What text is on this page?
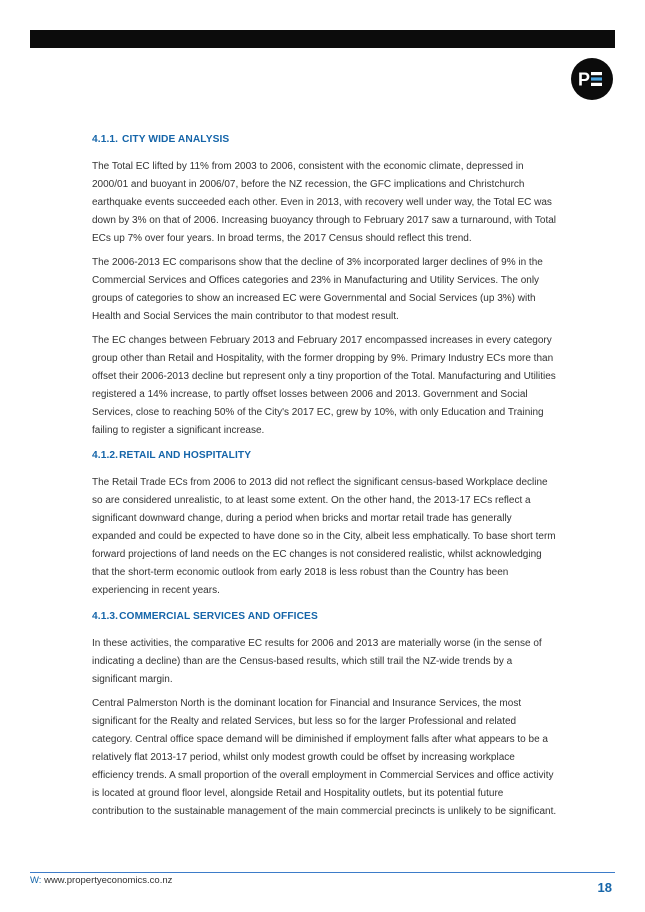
P
4.1.1. CITY WIDE ANALYSIS

The Total EC lifted by 11% from 2003 to 2006, consistent with the economic climate, depressed in 2000/01 and buoyant in 2006/07, before the NZ recession, the GFC implications and Christchurch earthquake events succeeded each other. Even in 2013, with recovery well under way, the Total EC was down by 3% on that of 2006. Increasing buoyancy through to February 2017 saw a turnaround, with Total ECs up 7% over four years. In broad terms, the 2017 Census should reflect this trend.

The 2006-2013 EC comparisons show that the decline of 3% incorporated larger declines of 9% in the Commercial Services and Offices categories and 23% in Manufacturing and Utility Services. The only groups of categories to show an increased EC were Governmental and Social Services (up 3%) with Health and Social Services the main contributor to that modest result.

The EC changes between February 2013 and February 2017 encompassed increases in every category group other than Retail and Hospitality, with the former dropping by 9%. Primary Industry ECs more than offset their 2006-2013 decline but represent only a tiny proportion of the Total. Manufacturing and Utilities registered a 14% increase, to partly offset losses between 2006 and 2013. Government and Social Services, close to reaching 50% of the City's 2017 EC, grew by 10%, with only Education and Training failing to register a significant increase.

4.1.2.RETAIL AND HOSPITALITY

The Retail Trade ECs from 2006 to 2013 did not reflect the significant census-based Workplace decline so are considered unrealistic, to at least some extent. On the other hand, the 2013-17 ECs reflect a significant downward change, during a period when bricks and mortar retail trade has generally expanded and could be expected to have done so in the City, albeit less emphatically. To base short term forward projections of land needs on the EC changes is not considered realistic, whilst acknowledging that the short-term economic outlook from early 2018 is less robust than the Country has been experiencing in recent years.

4.1.3.COMMERCIAL SERVICES AND OFFICES

In these activities, the comparative EC results for 2006 and 2013 are materially worse (in the sense of indicating a decline) than are the Census-based results, which still trail the NZ-wide trends by a significant margin.

Central Palmerston North is the dominant location for Financial and Insurance Services, the most significant for the Realty and related Services, but less so for the larger Professional and related category. Central office space demand will be diminished if employment falls after what appears to be a relatively flat 2013-17 period, whilst only modest growth could be offset by increasing workplace efficiency trends. A small proportion of the overall employment in Commercial Services and office activity is located at ground floor level, alongside Retail and Hospitality outlets, but its potential future contribution to the sustainable management of the main commercial precincts is unlikely to be significant.

W: www.propertyeconomics.co.nz	18
